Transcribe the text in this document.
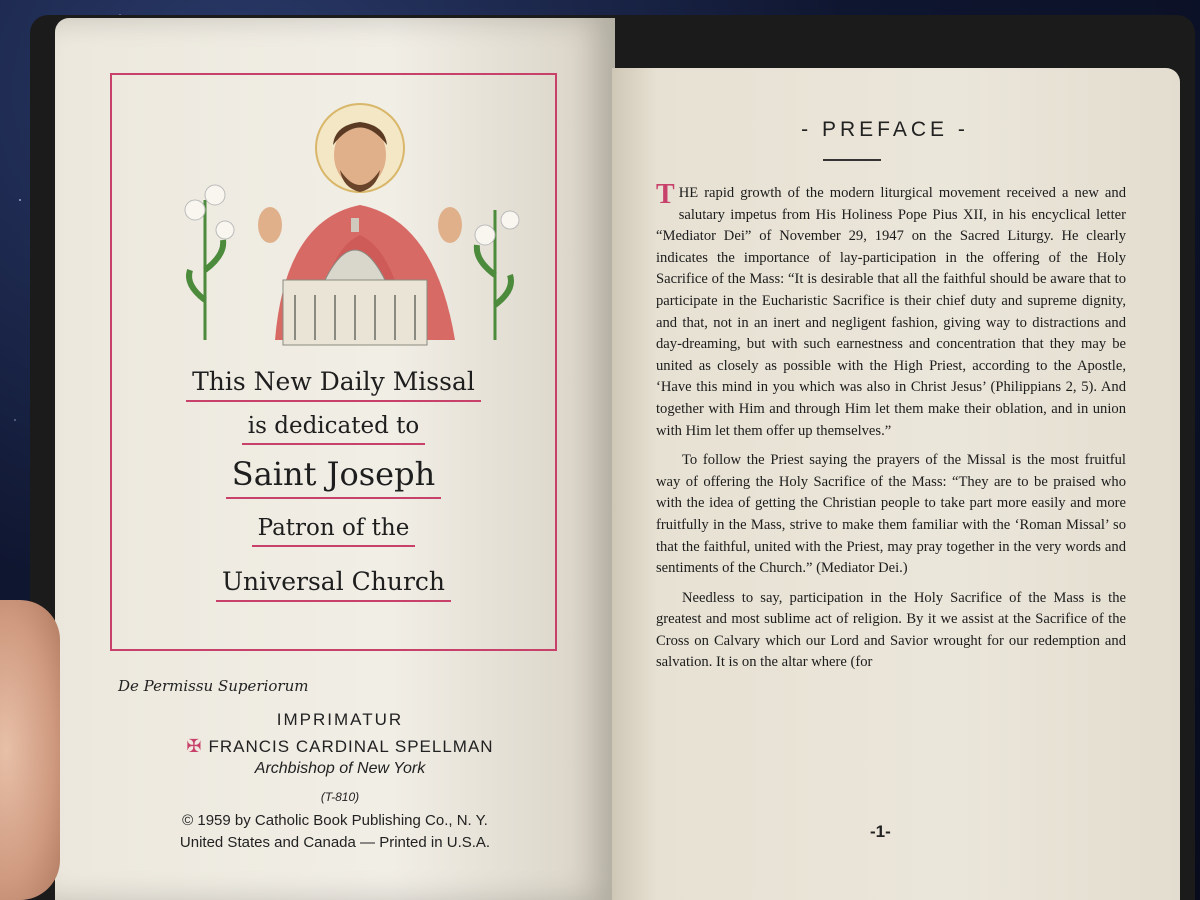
This New Daily Missal
is dedicated to
Saint Joseph
Patron of the
Universal Church
De Permissu Superiorum
IMPRIMATUR
✠ FRANCIS CARDINAL SPELLMAN
Archbishop of New York
(T-810)
© 1959 by Catholic Book Publishing Co., N. Y.
United States and Canada — Printed in U.S.A.
- PREFACE -

THE rapid growth of the modern liturgical movement received a new and salutary impetus from His Holiness Pope Pius XII, in his encyclical letter “Mediator Dei” of November 29, 1947 on the Sacred Liturgy. He clearly indicates the importance of lay-participation in the offering of the Holy Sacrifice of the Mass: “It is desirable that all the faithful should be aware that to participate in the Eucharistic Sacrifice is their chief duty and supreme dignity, and that, not in an inert and negligent fashion, giving way to distractions and day-dreaming, but with such earnestness and concentration that they may be united as closely as possible with the High Priest, according to the Apostle, ‘Have this mind in you which was also in Christ Jesus’ (Philippians 2, 5). And together with Him and through Him let them make their oblation, and in union with Him let them offer up themselves.”

To follow the Priest saying the prayers of the Missal is the most fruitful way of offering the Holy Sacrifice of the Mass: “They are to be praised who with the idea of getting the Christian people to take part more easily and more fruitfully in the Mass, strive to make them familiar with the ‘Roman Missal’ so that the faithful, united with the Priest, may pray together in the very words and sentiments of the Church.” (Mediator Dei.)

Needless to say, participation in the Holy Sacrifice of the Mass is the greatest and most sublime act of religion. By it we assist at the Sacrifice of the Cross on Calvary which our Lord and Savior wrought for our redemption and salvation. It is on the altar where (for

-1-
